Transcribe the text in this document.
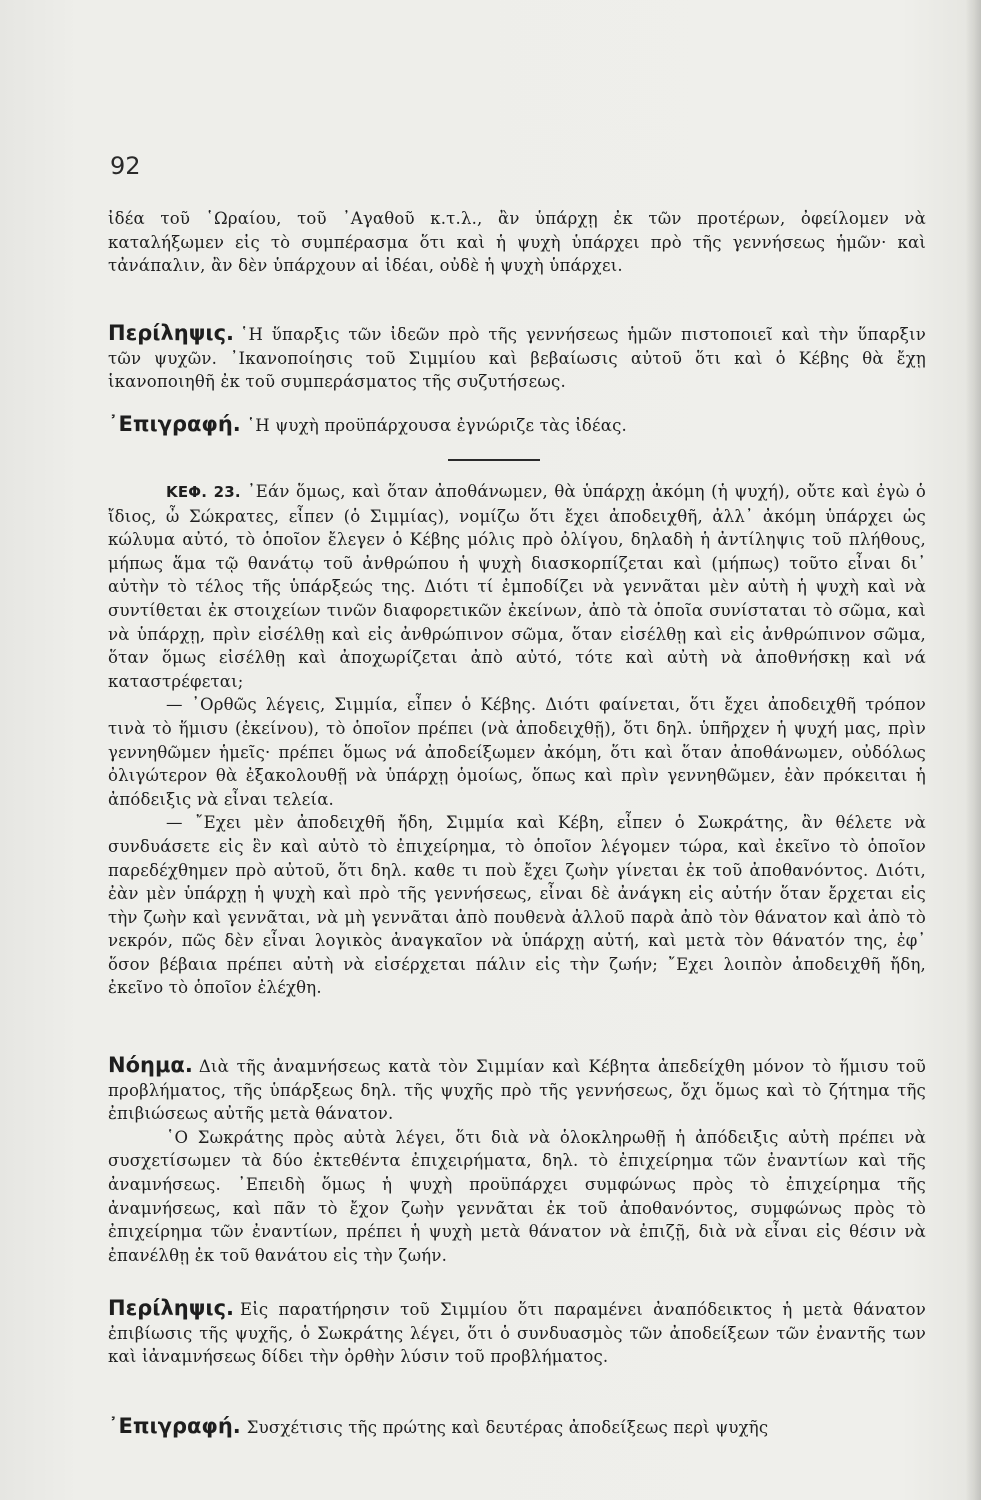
92

ἰδέα τοῦ ῾Ωραίου, τοῦ ᾽Αγαθοῦ κ.τ.λ., ἂν ὑπάρχῃ ἐκ τῶν προτέρων, ὀφείλομεν νὰ καταλήξωμεν εἰς τὸ συμπέρασμα ὅτι καὶ ἡ ψυχὴ ὑπάρχει πρὸ τῆς γεννήσεως ἡμῶν· καὶ τἀνάπαλιν, ἂν δὲν ὑπάρχουν αἱ ἰδέαι, οὐδὲ ἡ ψυχὴ ὑπάρχει.

Περίληψις. ῾Η ὕπαρξις τῶν ἰδεῶν πρὸ τῆς γεννήσεως ἡμῶν πιστοποιεῖ καὶ τὴν ὕπαρξιν τῶν ψυχῶν. ᾽Ικανοποίησις τοῦ Σιμμίου καὶ βεβαίωσις αὐτοῦ ὅτι καὶ ὁ Κέβης θὰ ἔχῃ ἱκανοποιηθῆ ἐκ τοῦ συμπεράσματος τῆς συζυτήσεως.

᾽Επιγραφή. ῾Η ψυχὴ προϋπάρχουσα ἐγνώριζε τὰς ἰδέας.

ΚΕΦ. 23. ᾽Εάν ὅμως, καὶ ὅταν ἀποθάνωμεν, θὰ ὑπάρχῃ ἀκόμη (ἡ ψυχή), οὔτε καὶ ἐγὼ ὁ ἴδιος, ὦ Σώκρατες, εἶπεν (ὁ Σιμμίας), νομίζω ὅτι ἔχει ἀποδειχθῆ, ἀλλ᾽ ἀκόμη ὑπάρχει ὡς κώλυμα αὐτό, τὸ ὁποῖον ἔλεγεν ὁ Κέβης μόλις πρὸ ὀλίγου, δηλαδὴ ἡ ἀντίληψις τοῦ πλήθους, μήπως ἅμα τῷ θανάτῳ τοῦ ἀνθρώπου ἡ ψυχὴ διασκορπίζεται καὶ (μήπως) τοῦτο εἶναι δι᾽ αὐτὴν τὸ τέλος τῆς ὑπάρξεώς της. Διότι τί ἐμποδίζει νὰ γεννᾶται μὲν αὐτὴ ἡ ψυχὴ καὶ νὰ συντίθεται ἐκ στοιχείων τινῶν διαφορετικῶν ἐκείνων, ἀπὸ τὰ ὁποῖα συνίσταται τὸ σῶμα, καὶ νὰ ὑπάρχῃ, πρὶν εἰσέλθῃ καὶ εἰς ἀνθρώπινον σῶμα, ὅταν εἰσέλθῃ καὶ εἰς ἀνθρώπινον σῶμα, ὅταν ὅμως εἰσέλθῃ καὶ ἀποχωρίζεται ἀπὸ αὐτό, τότε καὶ αὐτὴ νὰ ἀποθνήσκῃ καὶ νά καταστρέφεται;

— ᾽Ορθῶς λέγεις, Σιμμία, εἶπεν ὁ Κέβης. Διότι φαίνεται, ὅτι ἔχει ἀποδειχθῆ τρόπον τινὰ τὸ ἥμισυ (ἐκείνου), τὸ ὁποῖον πρέπει (νὰ ἀποδειχθῇ), ὅτι δηλ. ὑπῆρχεν ἡ ψυχή μας, πρὶν γεννηθῶμεν ἡμεῖς· πρέπει ὅμως νά ἀποδείξωμεν ἀκόμη, ὅτι καὶ ὅταν ἀποθάνωμεν, οὐδόλως ὀλιγώτερον θὰ ἐξακολουθῇ νὰ ὑπάρχῃ ὁμοίως, ὅπως καὶ πρὶν γεννηθῶμεν, ἐὰν πρόκειται ἡ ἀπόδειξις νὰ εἶναι τελεία.

— ῎Εχει μὲν ἀποδειχθῆ ἤδη, Σιμμία καὶ Κέβη, εἶπεν ὁ Σωκράτης, ἂν θέλετε νὰ συνδυάσετε εἰς ἓν καὶ αὐτὸ τὸ ἐπιχείρημα, τὸ ὁποῖον λέγομεν τώρα, καὶ ἐκεῖνο τὸ ὁποῖον παρεδέχθημεν πρὸ αὐτοῦ, ὅτι δηλ. καθε τι ποὺ ἔχει ζωὴν γίνεται ἐκ τοῦ ἀποθανόντος. Διότι, ἐὰν μὲν ὑπάρχῃ ἡ ψυχὴ καὶ πρὸ τῆς γεννήσεως, εἶναι δὲ ἀνάγκη εἰς αὐτήν ὅταν ἔρχεται εἰς τὴν ζωὴν καὶ γεννᾶται, νὰ μὴ γεννᾶται ἀπὸ πουθενὰ ἀλλοῦ παρὰ ἀπὸ τὸν θάνατον καὶ ἀπὸ τὸ νεκρόν, πῶς δὲν εἶναι λογικὸς ἀναγκαῖον νὰ ὑπάρχῃ αὐτή, καὶ μετὰ τὸν θάνατόν της, ἐφ᾽ ὅσον βέβαια πρέπει αὐτὴ νὰ εἰσέρχεται πάλιν εἰς τὴν ζωήν; ῎Εχει λοιπὸν ἀποδειχθῆ ἤδη, ἐκεῖνο τὸ ὁποῖον ἐλέχθη.

Νόημα. Διὰ τῆς ἀναμνήσεως κατὰ τὸν Σιμμίαν καὶ Κέβητα ἀπεδείχθη μόνον τὸ ἥμισυ τοῦ προβλήματος, τῆς ὑπάρξεως δηλ. τῆς ψυχῆς πρὸ τῆς γεννήσεως, ὄχι ὅμως καὶ τὸ ζήτημα τῆς ἐπιβιώσεως αὐτῆς μετὰ θάνατον.

῾Ο Σωκράτης πρὸς αὐτὰ λέγει, ὅτι διὰ νὰ ὁλοκληρωθῇ ἡ ἀπόδειξις αὐτὴ πρέπει νὰ συσχετίσωμεν τὰ δύο ἐκτεθέντα ἐπιχειρήματα, δηλ. τὸ ἐπιχείρημα τῶν ἐναντίων καὶ τῆς ἀναμνήσεως. ᾽Επειδὴ ὅμως ἡ ψυχὴ προϋπάρχει συμφώνως πρὸς τὸ ἐπιχείρημα τῆς ἀναμνήσεως, καὶ πᾶν τὸ ἔχον ζωὴν γεννᾶται ἐκ τοῦ ἀποθανόντος, συμφώνως πρὸς τὸ ἐπιχείρημα τῶν ἐναντίων, πρέπει ἡ ψυχὴ μετὰ θάνατον νὰ ἐπιζῇ, διὰ νὰ εἶναι εἰς θέσιν νὰ ἐπανέλθῃ ἐκ τοῦ θανάτου εἰς τὴν ζωήν.

Περίληψις. Εἰς παρατήρησιν τοῦ Σιμμίου ὅτι παραμένει ἀναπόδεικτος ἡ μετὰ θάνατον ἐπιβίωσις τῆς ψυχῆς, ὁ Σωκράτης λέγει, ὅτι ὁ συνδυασμὸς τῶν ἀποδείξεων τῶν ἐναντῆς των καὶ ἰἀναμνήσεως δίδει τὴν ὀρθὴν λύσιν τοῦ προβλήματος.

᾽Επιγραφή. Συσχέτισις τῆς πρώτης καὶ δευτέρας ἀποδείξεως περὶ ψυχῆς
